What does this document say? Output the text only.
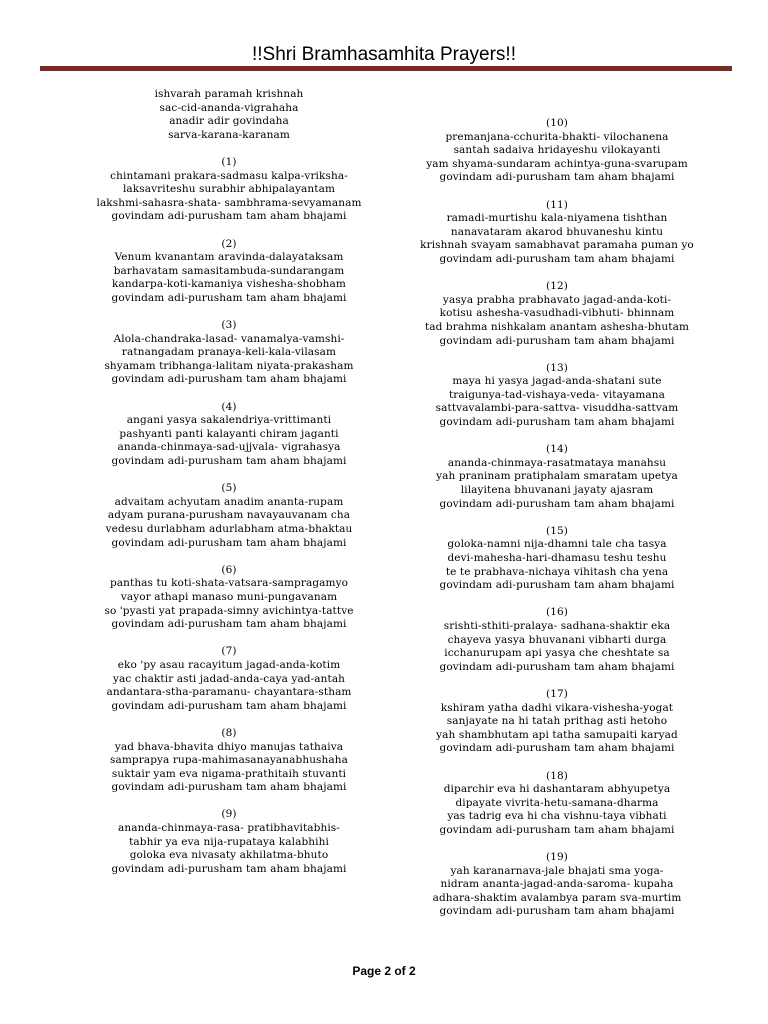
!!Shri Bramhasamhita Prayers!!
ishvarah paramah krishnah
sac-cid-ananda-vigrahaha
anadir adir govindaha
sarva-karana-karanam
(1)
chintamani prakara-sadmasu kalpa-vriksha-
laksavriteshu surabhir abhipalayantam
lakshmi-sahasra-shata- sambhrama-sevyamanam
govindam adi-purusham tam aham bhajami
(2)
Venum kvanantam aravinda-dalayataksam
barhavatam samasitambuda-sundarangam
kandarpa-koti-kamaniya vishesha-shobham
govindam adi-purusham tam aham bhajami
(3)
Alola-chandraka-lasad- vanamalya-vamshi-
ratnangadam pranaya-keli-kala-vilasam
shyamam tribhanga-lalitam niyata-prakasham
govindam adi-purusham tam aham bhajami
(4)
angani yasya sakalendriya-vrittimanti
pashyanti panti kalayanti chiram jaganti
ananda-chinmaya-sad-ujjvala- vigrahasya
govindam adi-purusham tam aham bhajami
(5)
advaitam achyutam anadim ananta-rupam
adyam purana-purusham navayauvanam cha
vedesu durlabham adurlabham atma-bhaktau
govindam adi-purusham tam aham bhajami
(6)
panthas tu koti-shata-vatsara-sampragamyo
vayor athapi manaso muni-pungavanam
so 'pyasti yat prapada-simny avichintya-tattve
govindam adi-purusham tam aham bhajami
(7)
eko 'py asau racayitum jagad-anda-kotim
yac chaktir asti jadad-anda-caya yad-antah
andantara-stha-paramanu- chayantara-stham
govindam adi-purusham tam aham bhajami
(8)
yad bhava-bhavita dhiyo manujas tathaiva
samprapya rupa-mahimasanayanabhushaha
suktair yam eva nigama-prathitaih stuvanti
govindam adi-purusham tam aham bhajami
(9)
ananda-chinmaya-rasa- pratibhavitabhis-
tabhir ya eva nija-rupataya kalabhihi
goloka eva nivasaty akhilatma-bhuto
govindam adi-purusham tam aham bhajami
(10)
premanjana-cchurita-bhakti- vilochanena
santah sadaiva hridayeshu vilokayanti
yam shyama-sundaram achintya-guna-svarupam
govindam adi-purusham tam aham bhajami
(11)
ramadi-murtishu kala-niyamena tishthan
nanavataram akarod bhuvaneshu kintu
krishnah svayam samabhavat paramaha puman yo
govindam adi-purusham tam aham bhajami
(12)
yasya prabha prabhavato jagad-anda-koti-
kotisu ashesha-vasudhadi-vibhuti- bhinnam
tad brahma nishkalam anantam ashesha-bhutam
govindam adi-purusham tam aham bhajami
(13)
maya hi yasya jagad-anda-shatani sute
traigunya-tad-vishaya-veda- vitayamana
sattvavalambi-para-sattva- visuddha-sattvam
govindam adi-purusham tam aham bhajami
(14)
ananda-chinmaya-rasatmataya manahsu
yah praninam pratiphalam smaratam upetya
lilayitena bhuvanani jayaty ajasram
govindam adi-purusham tam aham bhajami
(15)
goloka-namni nija-dhamni tale cha tasya
devi-mahesha-hari-dhamasu teshu teshu
te te prabhava-nichaya vihitash cha yena
govindam adi-purusham tam aham bhajami
(16)
srishti-sthiti-pralaya- sadhana-shaktir eka
chayeva yasya bhuvanani vibharti durga
icchanurupam api yasya che cheshtate sa
govindam adi-purusham tam aham bhajami
(17)
kshiram yatha dadhi vikara-vishesha-yogat
sanjayate na hi tatah prithag asti hetoho
yah shambhutam api tatha samupaiti karyad
govindam adi-purusham tam aham bhajami
(18)
diparchir eva hi dashantaram abhyupetya
dipayate vivrita-hetu-samana-dharma
yas tadrig eva hi cha vishnu-taya vibhati
govindam adi-purusham tam aham bhajami
(19)
yah karanarnava-jale bhajati sma yoga-
nidram ananta-jagad-anda-saroma- kupaha
adhara-shaktim avalambya param sva-murtim
govindam adi-purusham tam aham bhajami
Page 2 of 2
